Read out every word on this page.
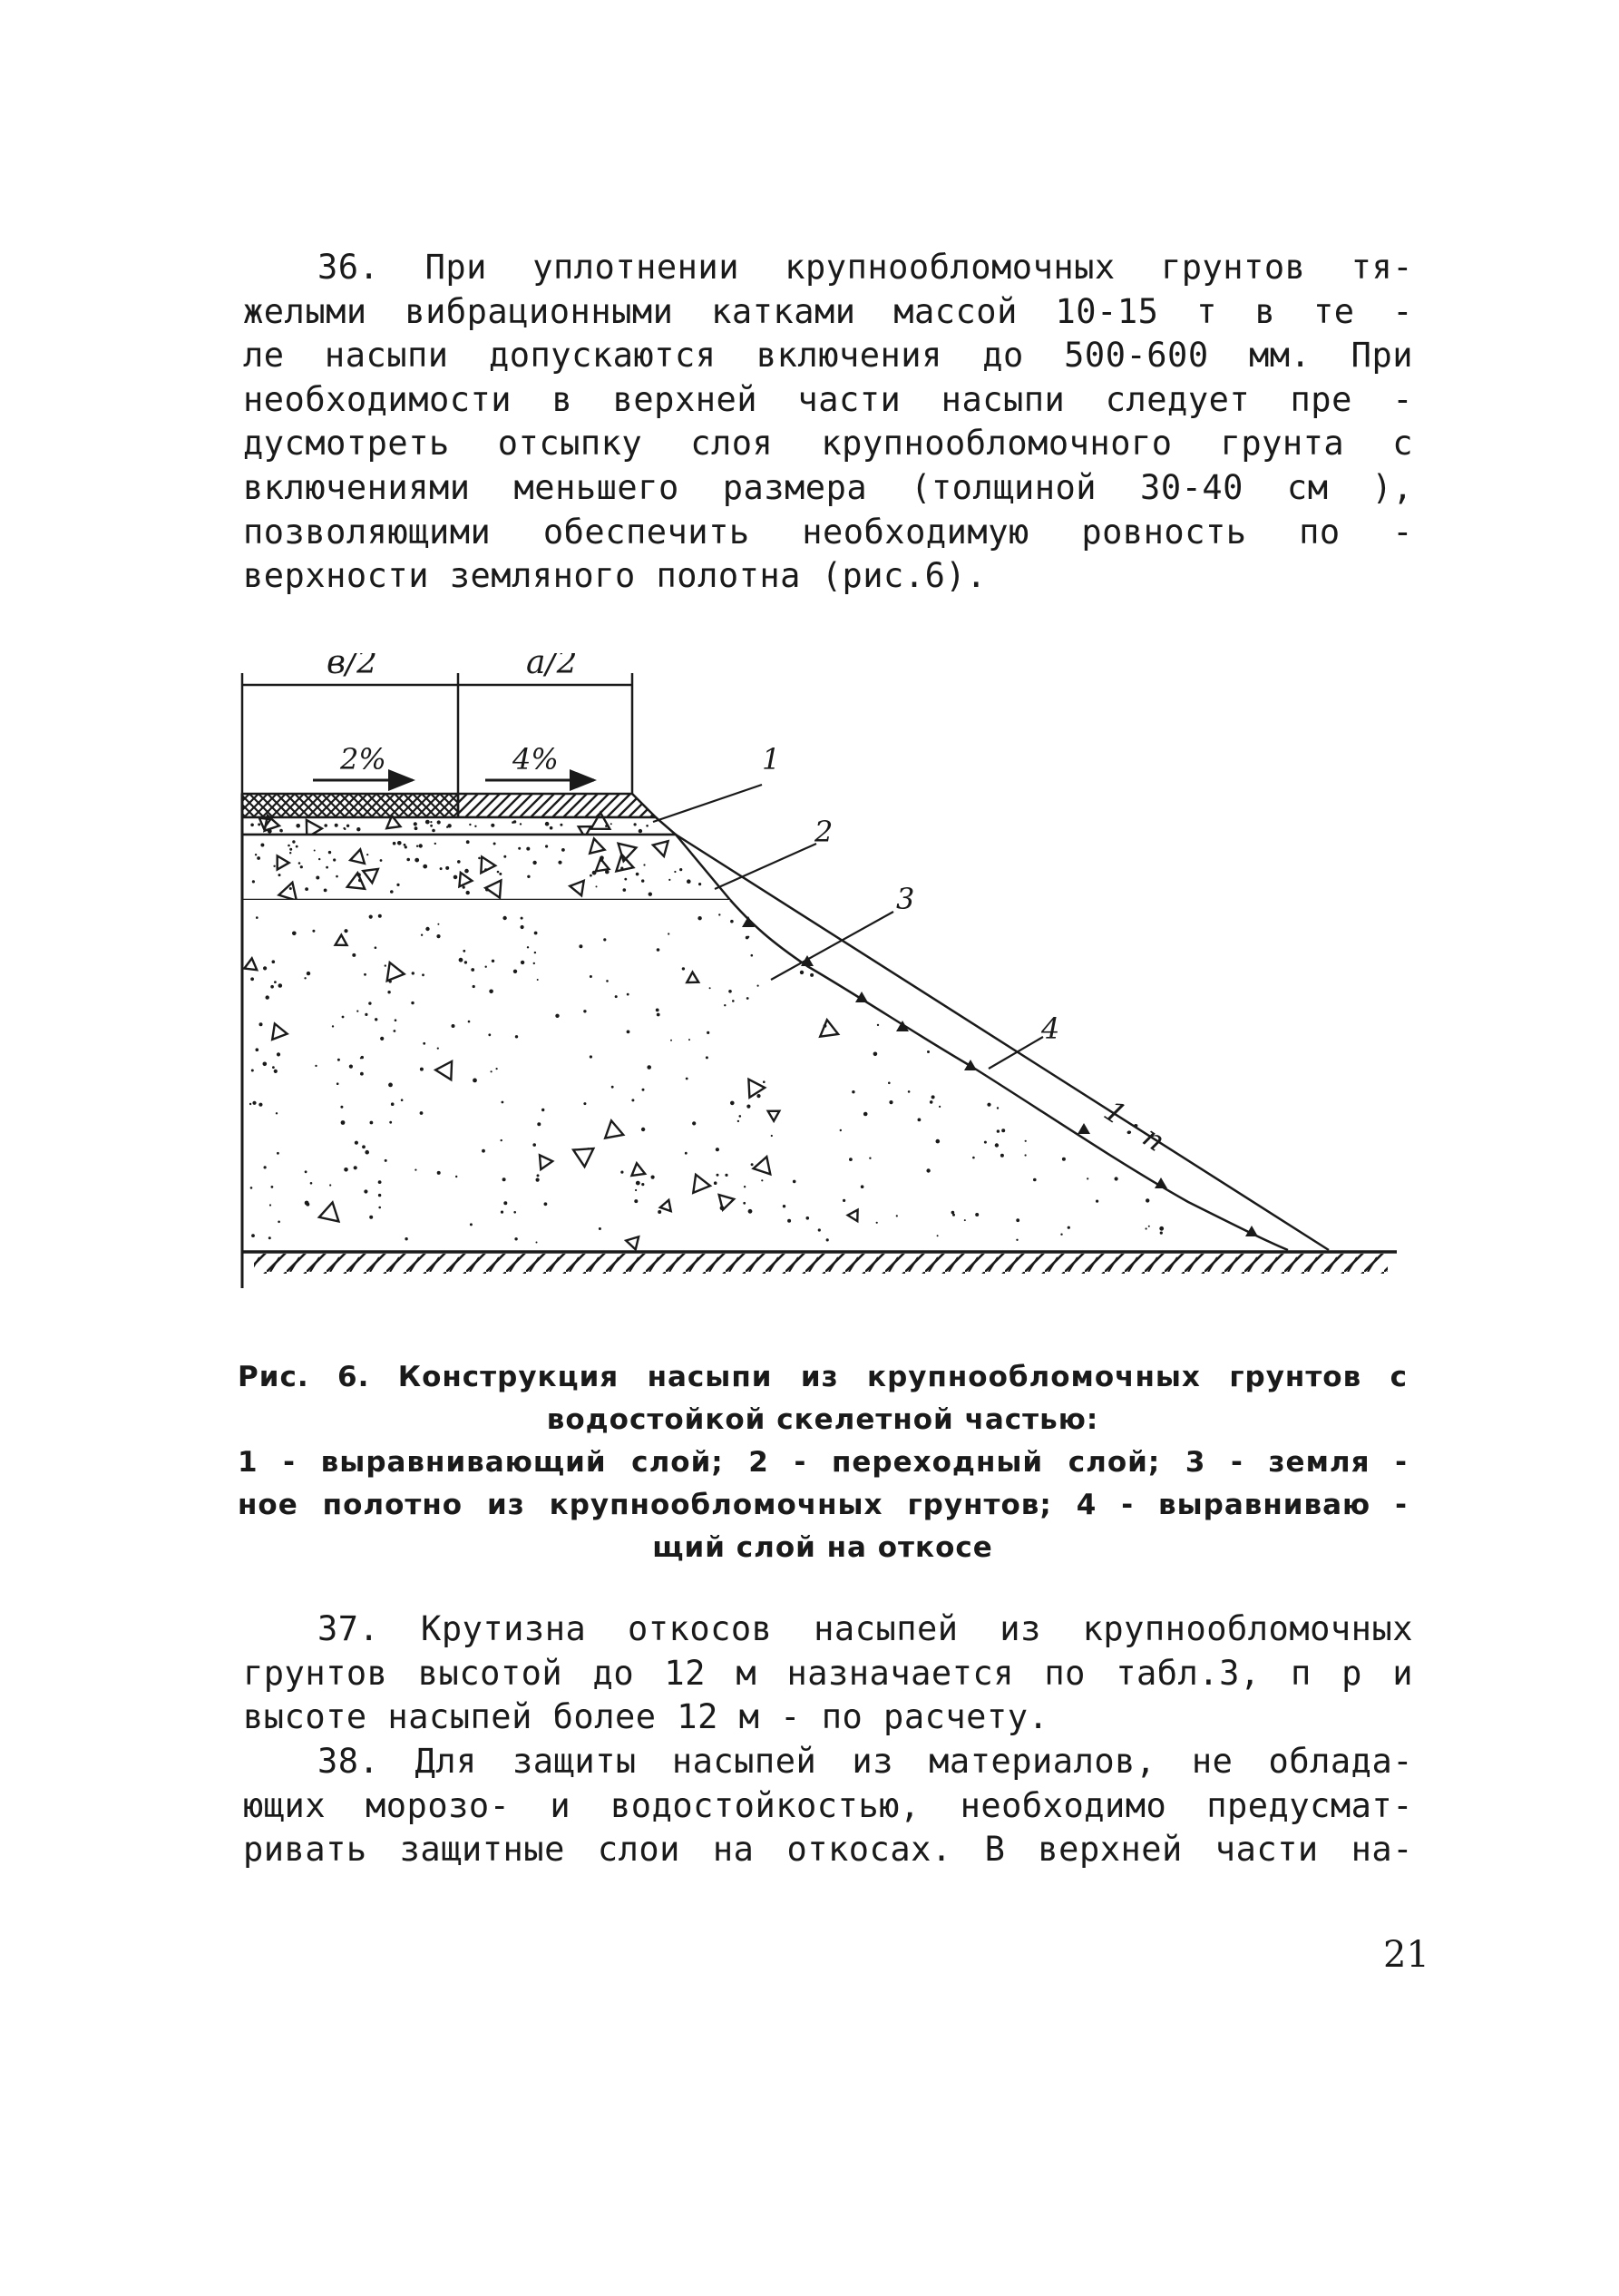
36. При уплотнении крупнообломочных грунтов тя-
желыми вибрационными катками массой 10-15 т в те -
ле насыпи допускаются включения до 500-600 мм. При
необходимости в верхней части насыпи следует пре -
дусмотреть отсыпку слоя крупнообломочного грунта с
включениями меньшего размера (толщиной 30-40 см ),
позволяющими обеспечить необходимую ровность по -
верхности земляного полотна (рис.6).
в/2	а/2
2%	4%	1
2
3
4
1 : n
Рис. 6. Конструкция насыпи из крупнообломочных грунтов с
водостойкой скелетной частью:
1 - выравнивающий слой; 2 - переходный слой; 3 - земля -
ное полотно из крупнообломочных грунтов; 4 - выравниваю -
щий слой на откосе
37. Крутизна откосов насыпей из крупнообломочных
грунтов высотой до 12 м назначается по табл.3, п р и
высоте насыпей более 12 м - по расчету.
38. Для защиты насыпей из материалов, не облада-
ющих морозо- и водостойкостью, необходимо предусмат-
ривать защитные слои на откосах. В верхней части на-
21
